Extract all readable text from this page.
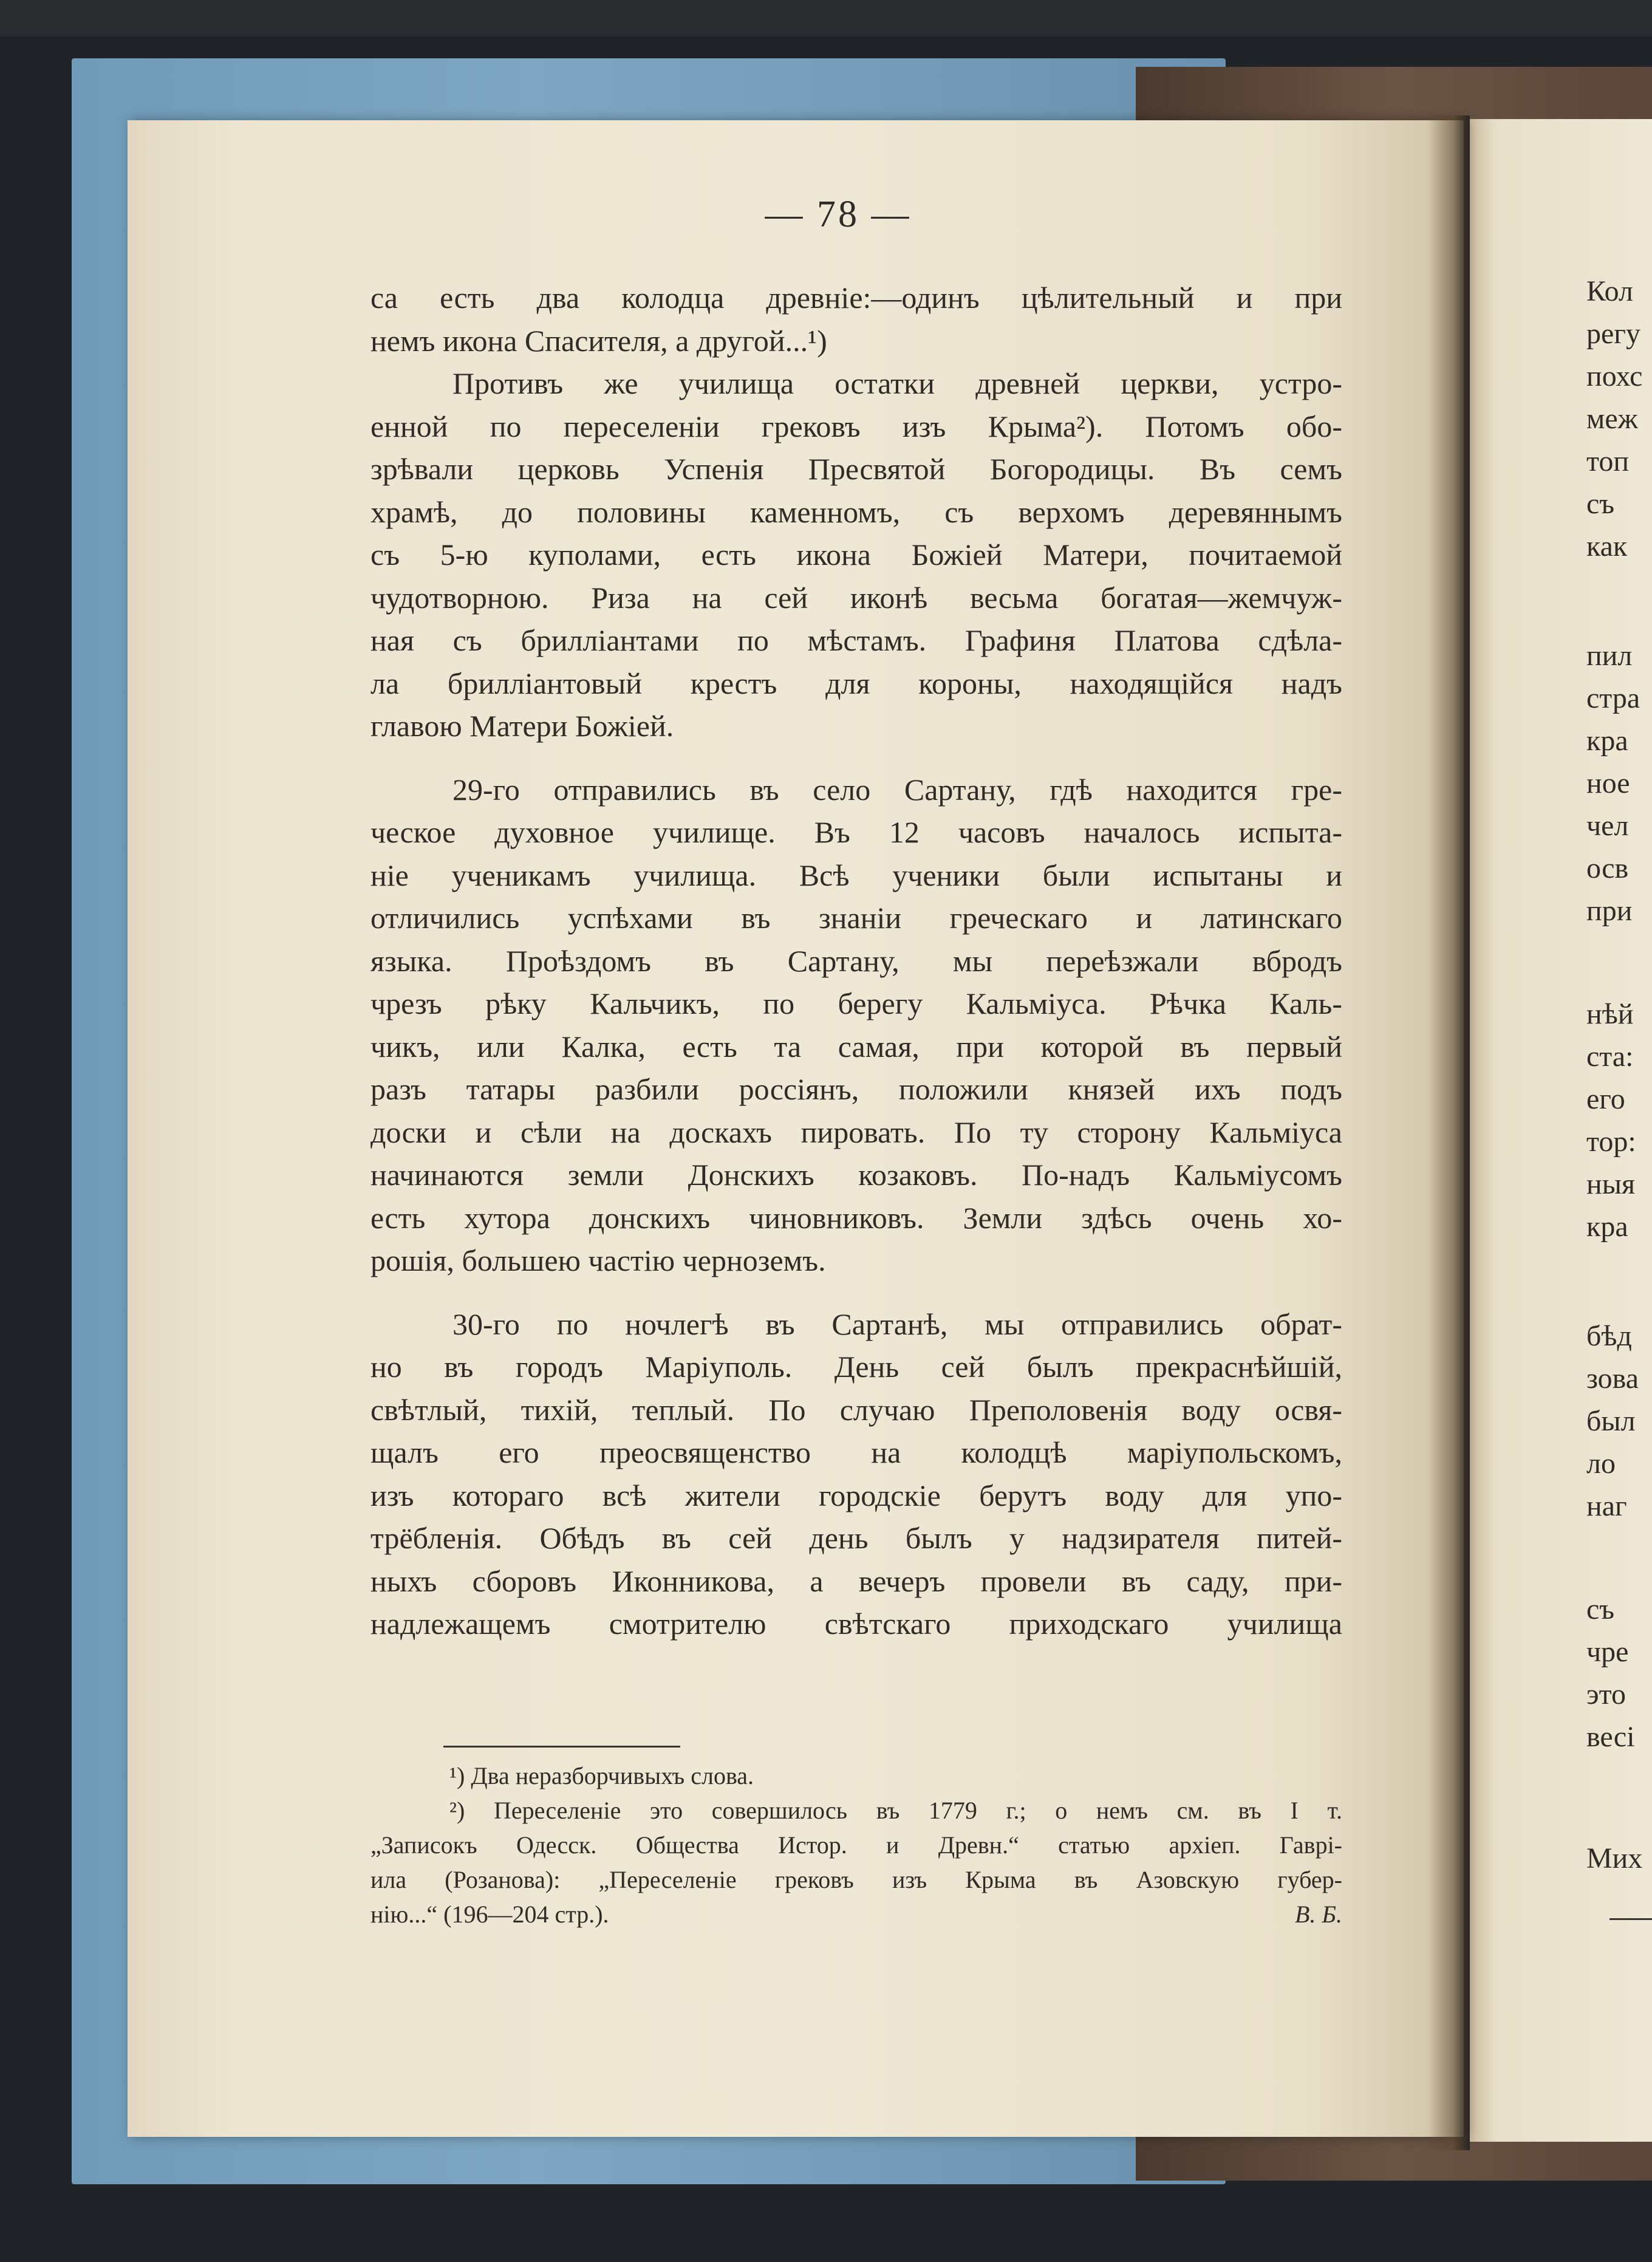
— 78 —
са есть два колодца древніе:—одинъ цѣлительный и при
немъ икона Спасителя, а другой...¹)
Противъ же училища остатки древней церкви, устро-
енной по переселеніи грековъ изъ Крыма²). Потомъ обо-
зрѣвали церковь Успенія Пресвятой Богородицы. Въ семъ
храмѣ, до половины каменномъ, съ верхомъ деревяннымъ
съ 5-ю куполами, есть икона Божіей Матери, почитаемой
чудотворною. Риза на сей иконѣ весьма богатая—жемчуж-
ная съ брилліантами по мѣстамъ. Графиня Платова сдѣла-
ла брилліантовый крестъ для короны, находящійся надъ
главою Матери Божіей.
29-го отправились въ село Сартану, гдѣ находится гре-
ческое духовное училище. Въ 12 часовъ началось испыта-
ніе ученикамъ училища. Всѣ ученики были испытаны и
отличились успѣхами въ знаніи греческаго и латинскаго
языка. Проѣздомъ въ Сартану, мы переѣзжали вбродъ
чрезъ рѣку Кальчикъ, по берегу Кальміуса. Рѣчка Каль-
чикъ, или Калка, есть та самая, при которой въ первый
разъ татары разбили россіянъ, положили князей ихъ подъ
доски и сѣли на доскахъ пировать. По ту сторону Кальміуса
начинаются земли Донскихъ козаковъ. По-надъ Кальміусомъ
есть хутора донскихъ чиновниковъ. Земли здѣсь очень хо-
рошія, большею частію черноземъ.
30-го по ночлегѣ въ Сартанѣ, мы отправились обрат-
но въ городъ Маріуполь. День сей былъ прекраснѣйшій,
свѣтлый, тихій, теплый. По случаю Преполовенія воду освя-
щалъ его преосвященство на колодцѣ маріупольскомъ,
изъ котораго всѣ жители городскіе берутъ воду для упо-
трёбленія. Обѣдъ въ сей день былъ у надзирателя питей-
ныхъ сборовъ Иконникова, а вечеръ провели въ саду, при-
надлежащемъ смотрителю свѣтскаго приходскаго училища
¹) Два неразборчивыхъ слова.
²) Переселеніе это совершилось въ 1779 г.; о немъ см. въ I т.
„Записокъ Одесск. Общества Истор. и Древн.“ статью архіеп. Гаврі-
ила (Розанова): „Переселеніе грековъ изъ Крыма въ Азовскую губер-
нію...“ (196—204 стр.).	В. Б.
Кол
регу
похс
меж
топ
съ
как
пил
стра
кра
ное
чел
осв
при
нѣй
ста:
его
тор:
ныя
кра
бѣд
зова
был
ло
наг
съ
чре
это
весі
Мих
